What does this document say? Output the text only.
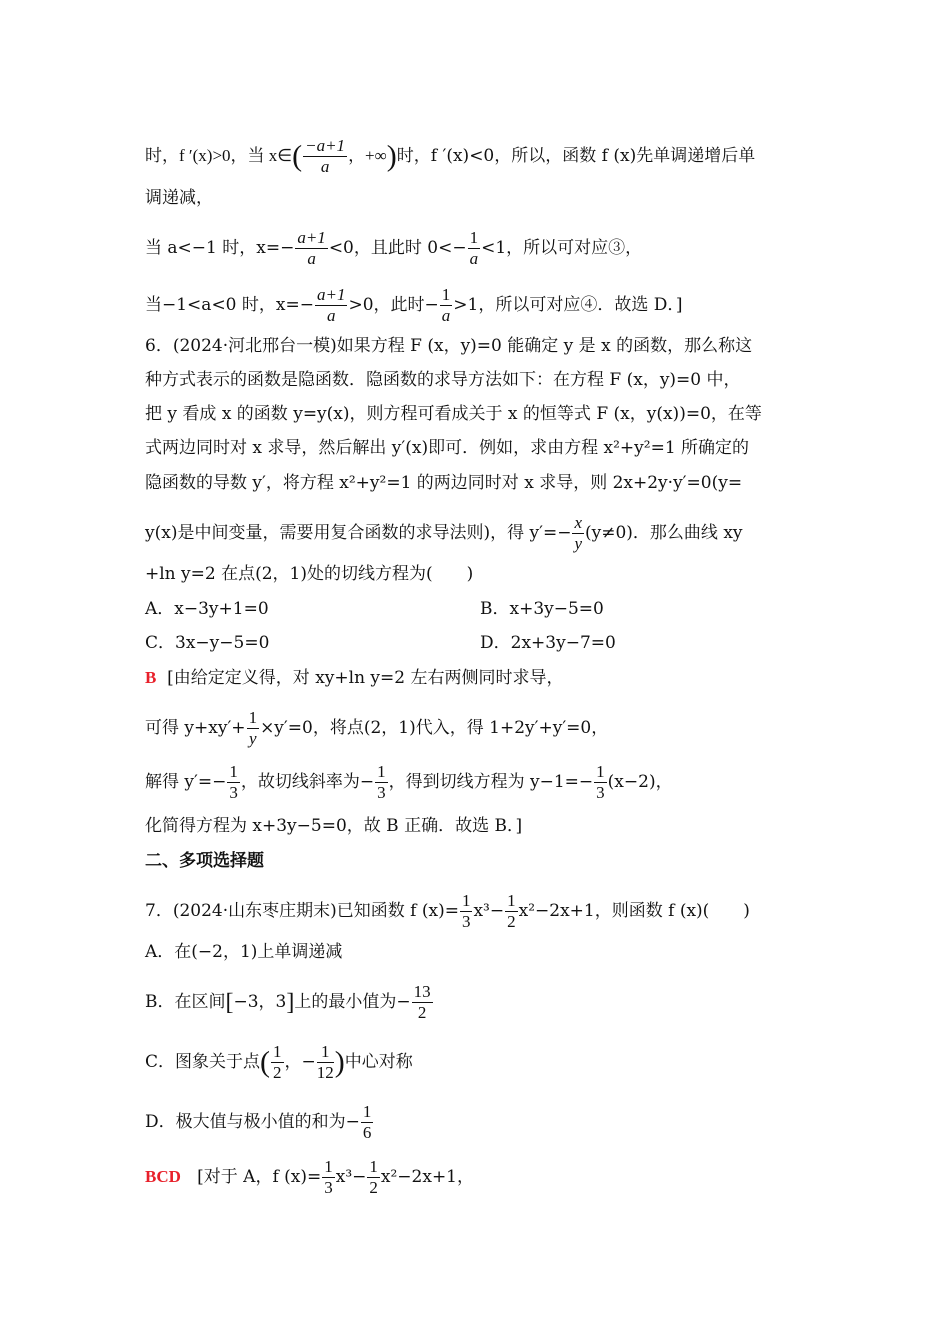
时，f ′(x)>0，当 x∈( $\frac{-a+1}{a}$ ，+∞)时，f ′(x)<0，所以，函数 f (x)先单调递增后单
调递减，
当 a<−1 时，$x=- \frac{a+1}{a} <0$，且此时 $0<- \frac{1}{a} <1$，所以可对应③，
当−1<a<0 时，$x=- \frac{a+1}{a} >0$，此时− $\frac{1}{a} >1$，所以可对应④．故选 D．]
6．(2024·河北邢台一模)如果方程 F (x，y)=0 能确定 y 是 x 的函数，那么称这
种方式表示的函数是隐函数．隐函数的求导方法如下：在方程 F (x，y)=0 中，
把 y 看成 x 的函数 y=y(x)，则方程可看成关于 x 的恒等式 F (x，y(x))=0，在等
式两边同时对 x 求导，然后解出 y′(x)即可．例如，求由方程 x²+y²=1 所确定的
隐函数的导数 y′，将方程 x²+y²=1 的两边同时对 x 求导，则 2x+2y·y′=0(y=
y(x)是中间变量，需要用复合函数的求导法则)，得 $y'=- \frac{x}{y} (y\ne 0)$．那么曲线 xy
+ln y=2 在点(2，1)处的切线方程为(　　)
A．x−3y+1=0	B．x+3y−5=0
C．3x−y−5=0	D．2x+3y−7=0
B [由给定定义得，对 xy+ln y=2 左右两侧同时求导，
可得 $y+xy'+ \frac{1}{y} \times y'=0$，将点(2，1)代入，得 1+2y′+y′=0，
解得 $y'=- \frac{1}{3}$ ，故切线斜率为− $\frac{1}{3}$ ，得到切线方程为 $y-1=- \frac{1}{3} (x-2)$，
化简得方程为 x+3y−5=0，故 B 正确．故选 B．]
二、多项选择题
7．(2024·山东枣庄期末)已知函数 f $(x)= \frac{1}{3} x^3- \frac{1}{2} x^2-2x+1$，则函数 f (x)(　　)
A．在(−2，1)上单调递减
B．在区间[−3，3]上的最小值为− $\frac{13}{2}$
C．图象关于点( $\frac{1}{2}$ ，− $\frac{1}{12}$ )中心对称
D．极大值与极小值的和为− $\frac{1}{6}$
BCD [对于 A，f $(x)= \frac{1}{3} x^3- \frac{1}{2} x^2-2x+1$，
